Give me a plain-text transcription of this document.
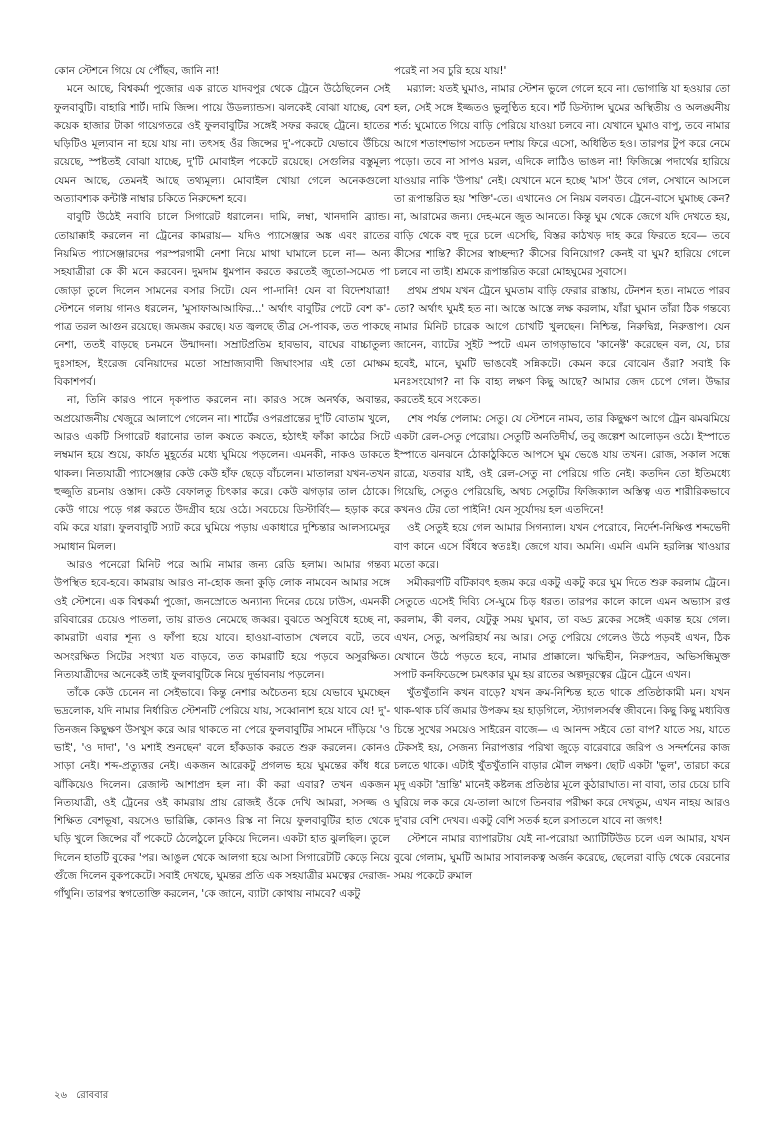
কোন স্টেশনে গিয়ে যে পৌঁছব, জানি না!

মনে আছে, বিশ্বকর্মা পুজোর এক রাতে যাদবপুর থেকে ট্রেনে উঠেছিলেন সেই ফুলবাবুটি। বাহারি শার্ট। দামি জিন্স। পায়ে উডল্যান্ডস। ঝলকেই বোঝা যাচ্ছে, বেশ কয়েক হাজার টাকা গায়েগতরে ওই ফুলবাবুটির সঙ্গেই সফর করছে ট্রেনে। হাতের ঘড়িটিও মূল্যবান না হয়ে যায় না। তৎসহ ওঁর জিন্সের দু'-পকেটে যেভাবে উঁচিয়ে রয়েছে, স্পষ্টতই বোঝা যাচ্ছে, দু'টি মোবাইল পকেটে রয়েছে। সেগুলির বস্তুমূল্য যেমন আছে, তেমনই আছে তথ্যমূল্য। মোবাইল খোয়া গেলে অনেকগুলো অত্যাবশ্যক কন্টাক্ট নাম্বার চকিতে নিরুদ্দেশ হবে।

বাবুটি উঠেই নবাবি চালে সিগারেট ধরালেন। দামি, লম্বা, খানদানি ব্র্যান্ড। তোয়াক্কাই করলেন না ট্রেনের কামরায়— যদিও প্যাসেঞ্জার অঙ্ক এবং রাতের নিয়মিত প্যাসেঞ্জারদের পরস্পরগামী নেশা নিয়ে মাথা ঘামালে চলে না— অন্য সহযাত্রীরা কে কী মনে করবেন। দুমদাম ধুমপান করতে করতেই জুতো-সমেত পা জোড়া তুলে দিলেন সামনের বসার সিটে। যেন পা-দানি! যেন বা বিদেশযাত্রা! স্টেশনে গলায় গানও ধরলেন, 'মুসাফাআআফির...' অর্থাৎ বাবুটির পেটে বেশ ক'-পাত্র তরল আগুন রয়েছে। জমজম করছে। যত জ্বলছে তীব্র সে-পাবক, তত পাকছে নেশা, ততই বাড়ছে চনমনে উন্মাদনা। সম্রাটপ্রতিম হাবভাব, বাঘের বাচ্চাতুল্য দুঃসাহস, ইংরেজ বেনিয়াদের মতো সাম্রাজ্যবাদী জিঘাংসার এই তো মোক্ষম বিকাশপর্ব।

না, তিনি কারও পানে দৃকপাত করলেন না। কারও সঙ্গে অনর্থক, অবান্তর, অপ্রয়োজনীয় খেজুরে আলাপে গেলেন না। শার্টের ওপরপ্রান্তের দু'টি বোতাম খুলে, আরও একটি সিগারেট ধরানোর তাল কষতে কষতে, হঠাৎই ফাঁকা কাঠের সিটে লম্বমান হয়ে শুয়ে, কার্যত মুহূর্তের মধ্যে ঘুমিয়ে পড়লেন। এমনকী, নাকও ডাকতে থাকল। নিত্যযাত্রী প্যাসেঞ্জার কেউ কেউ হাঁফ ছেড়ে বাঁচলেন। মাতালরা যখন-তখন হুজ্জুতি রচনায় ওস্তাদ। কেউ বেফালতু চিৎকার করে। কেউ ঝগড়ার তাল ঠোকে। কেউ গায়ে পড়ে গপ্প করতে উদগ্রীব হয়ে ওঠে। সবচেয়ে ডিস্টার্বিং— হড়াক করে বমি করে যারা। ফুলবাবুটি স্যাট করে ঘুমিয়ে পড়ায় একাধারে দুশ্চিন্তার আলস্যমেদুর সমাধান মিলল।

আরও পনেরো মিনিট পরে আমি নামার জন্য রেডি হলাম। আমার গন্তব্য উপস্থিত হবে-হবে। কামরায় আরও না-হোক জনা কুড়ি লোক নামবেন আমার সঙ্গে ওই স্টেশনে। এক বিশ্বকর্মা পুজো, জনস্রোতে অন্যান্য দিনের চেয়ে ঢাউস, এমনকী রবিবারের চেয়েও পাতলা, তায় রাতও নেমেছে জব্বর। বুঝতে অসুবিধে হচ্ছে না, কামরাটা এবার শূন্য ও ফাঁপা হয়ে যাবে। হাওয়া-বাতাস খেলবে বটে, তবে অসংরক্ষিত সিটের সংখ্যা যত বাড়বে, তত কামরাটি হয়ে পড়বে অসুরক্ষিত। নিত্যযাত্রীদের অনেকেই তাই ফুলবাবুটিকে নিয়ে দুর্ভাবনায় পড়লেন।

তাঁকে কেউ চেনেন না সেইভাবে। কিন্তু নেশার অচৈতন্য হয়ে যেভাবে ঘুমচ্ছেন ভদ্রলোক, যদি নামার নির্ধারিত স্টেশনটি পেরিয়ে যায়, সব্বোনাশ হয়ে যাবে যে! দু'-তিনজন কিছুক্ষণ উসখুস করে আর থাকতে না পেরে ফুলবাবুটির সামনে দাঁড়িয়ে 'ও ভাই', 'ও দাদা', 'ও মশাই শুনছেন' বলে হাঁকডাক করতে শুরু করলেন। কোনও সাড়া নেই। শব্দ-প্রত্যুত্তর নেই। একজন আরেকটু প্রগলভ হয়ে ঘুমন্তের কাঁধ ধরে ঝাঁকিয়েও দিলেন। রেজাল্ট আশাপ্রদ হল না। কী করা এবার? তখন একজন নিত্যযাত্রী, ওই ট্রেনের ওই কামরায় প্রায় রোজই ওঁকে দেখি আমরা, সসজ্জ ও শিক্ষিত বেশভূষা, বয়সেও ভারিক্কি, কোনও রিস্ক না নিয়ে ফুলবাবুটির হাত থেকে ঘড়ি খুলে জিন্সের বাঁ পকেটে ঠেলেঠুলে ঢুকিয়ে দিলেন। একটা হাত ঝুলছিল। তুলে দিলেন হাতটি বুকের 'পর। আঙুল থেকে আলগা হয়ে আসা সিগারেটটি কেড়ে নিয়ে গুঁজে দিলেন বুকপকেটে। সবাই দেখছে, ঘুমন্তর প্রতি এক সহযাত্রীর মমত্বের দেরাজ-গাঁথুনি। তারপর স্বগতোক্তি করলেন, 'কে জানে, ব্যাটা কোথায় নামবে? একটু

পরেই না সব চুরি হয়ে যায়!'

মর‍্যাল: যতই ঘুমাও, নামার স্টেশন ভুলে গেলে হবে না। ভোগান্তি যা হওয়ার তো হল, সেই সঙ্গে ইজ্জতও ভুলুণ্ঠিত হবে। শর্ট ডিস্ট্যান্স ঘুমের অস্থিতীয় ও অলঙ্ঘনীয় শর্ত: ঘুমোতে গিয়ে বাড়ি পেরিয়ে যাওয়া চলবে না। যেখানে ঘুমাও বাপু, তবে নামার আগে শতাংশভাগ সচেতন দশায় ফিরে এসো, অধিষ্ঠিত হও। তারপর টুপ করে নেমে পড়ো। তবে না সাপও মরল, এদিকে লাঠিও ভাঙল না! ফিজিক্সে পদার্থের হারিয়ে যাওয়ার নাকি 'উপায়' নেই। যেখানে মনে হচ্ছে 'মাস' উবে গেল, সেখানে আসলে তা রূপান্তরিত হয় 'শক্তি'-তে। এখানেও সে নিয়ম বলবত। ট্রেনে-বাসে ঘুমাচ্ছ কেন? না, আরামের জন্য। দেহ-মনে জুত আনতে। কিন্তু ঘুম থেকে জেগে যদি দেখতে হয়, বাড়ি থেকে বহু দূরে চলে এসেছি, বিস্তর কাঠখড় দাহ করে ফিরতে হবে— তবে কীসের শান্তি? কীসের স্বাচ্ছন্দ্য? কীসের বিনিয়োগ? কেনই বা ঘুম? হারিয়ে গেলে চলবে না তাই। শ্রমকে রূপান্তরিত করো মোহঘুমের সুবাসে।

প্রথম প্রথম যখন ট্রেনে ঘুমতাম বাড়ি ফেরার রাস্তায়, টেনশন হত। নামতে পারব তো? অর্থাৎ ঘুমই হত না। আস্তে আস্তে লক্ষ করলাম, যাঁরা ঘুমান তাঁরা ঠিক গন্তব্যে নামার মিনিট চারেক আগে চোখটি খুলছেন। নিশ্চিন্ত, নিরুদ্বিগ্ন, নিরুত্তাপ। যেন জানেন, ব্যাটের সুইট স্পটে এমন তাগড়াভাবে 'কানেক্ট' করেছেন বল, যে, চার হবেই, মানে, ঘুমটি ভাঙবেই সন্নিকটে। কেমন করে বোঝেন ওঁরা? সবাই কি মনঃসংযোগ? না কি বাহ্য লক্ষণ কিছু আছে? আমার জেদ চেপে গেল। উদ্ধার করতেই হবে সংকেত।

শেষ পর্যন্ত পেলাম: সেতু। যে স্টেশনে নামব, তার কিছুক্ষণ আগে ট্রেন ঝমঝমিয়ে একটা রেল-সেতু পেরোয়। সেতুটি অনতিদীর্ঘ, তবু জল্পেশ আলোড়ন ওঠে। ইস্পাতে ইস্পাতে ঝনঝনে ঠোকাঠুকিতে আপসে ঘুম ভেঙে যায় তখন। রোজ, সকাল সন্ধে রাত্রে, যতবার যাই, ওই রেল-সেতু না পেরিয়ে গতি নেই। কতদিন তো ইতিমধ্যে গিয়েছি, সেতুও পেরিয়েছি, অথচ সেতুটির ফিজিক্যাল অস্তিত্ব এত শারীরিকভাবে কখনও টের তো পাইনি! যেন সূর্যোদয় হল এতদিনে!

ওই সেতুই হয়ে গেল আমার সিগন্যাল। যখন পেরোবে, নির্দেশ-নিক্ষিপ্ত শব্দভেদী বাণ কানে এসে বিঁধবে স্বতঃই। জেগে যাব। অমনি। এমনি এমনি হরলিক্স খাওয়ার মতো করে।

সমীকরণটি বটিকাবৎ হজম করে একটু একটু করে ঘুম দিতে শুরু করলাম ট্রেনে। সেতুতে এসেই দিব্যি সে-ঘুমে চিড় ধরত। তারপর কালে কালে এমন অভ্যাস রপ্ত করলাম, কী বলব, যেটুকু সময় ঘুমাব, তা বড্ড ব্লকের সঙ্গেই একান্ত হয়ে গেল। এখন, সেতু, অপরিহার্য নয় আর। সেতু পেরিয়ে গেলেও উঠে পড়বই এখন, ঠিক যেখানে উঠে পড়তে হবে, নামার প্রাক্কালে। ঋদ্ধিহীন, নিরুপদ্রব, অভিসন্ধিমুক্ত সপাট কনফিডেন্সে চমৎকার ঘুম হয় রাতের অল্পদূরত্বের ট্রেনে ট্রেনে এখন।

খুঁতখুঁতানি কখন বাড়ে? যখন ক্রম-নিশ্চিন্ত হতে থাকে প্রতিষ্ঠাকামী মন। যখন থাক-থাক চর্বি জমার উপক্রম হয় হাড়গিলে, স্ট্যাগলসর্বস্ব জীবনে। কিছু কিছু মধ্যবিত্ত চিন্তে সুখের সময়েও সাইরেন বাজে— এ আনন্দ সইবে তো বাপ? যাতে সয়, যাতে টেকসই হয়, সেজন্য নিরাপত্তার পরিখা জুড়ে বারেবারে জরিপ ও সন্দর্শনের কাজ চলতে থাকে। এটাই খুঁতখুঁতানি বাড়ার মৌল লক্ষণ। ছোট একটা 'ভুল', তারচা করে মৃদু একটা 'ভ্রান্তি' মানেই কষ্টলব্ধ প্রতিষ্ঠার মূলে কুঠারাঘাত। না বাবা, তার চেয়ে চাবি ঘুরিয়ে লক করে যে-তালা আগে তিনবার পরীক্ষা করে দেখতুম, এখন নাহয় আরও দু'বার বেশি দেখব। একটু বেশি সতর্ক হলে রসাতলে যাবে না জগৎ!

স্টেশনে নামার ব্যাপারটায় যেই না-পরোয়া অ্যাটিটিউড চলে এল আমার, যখন বুঝে গেলাম, ঘুমটি আমার সাবালকত্ব অর্জন করেছে, ছেলেরা বাড়ি থেকে বেরনোর সময় পকেটে রুমাল

২৬ রোববার
